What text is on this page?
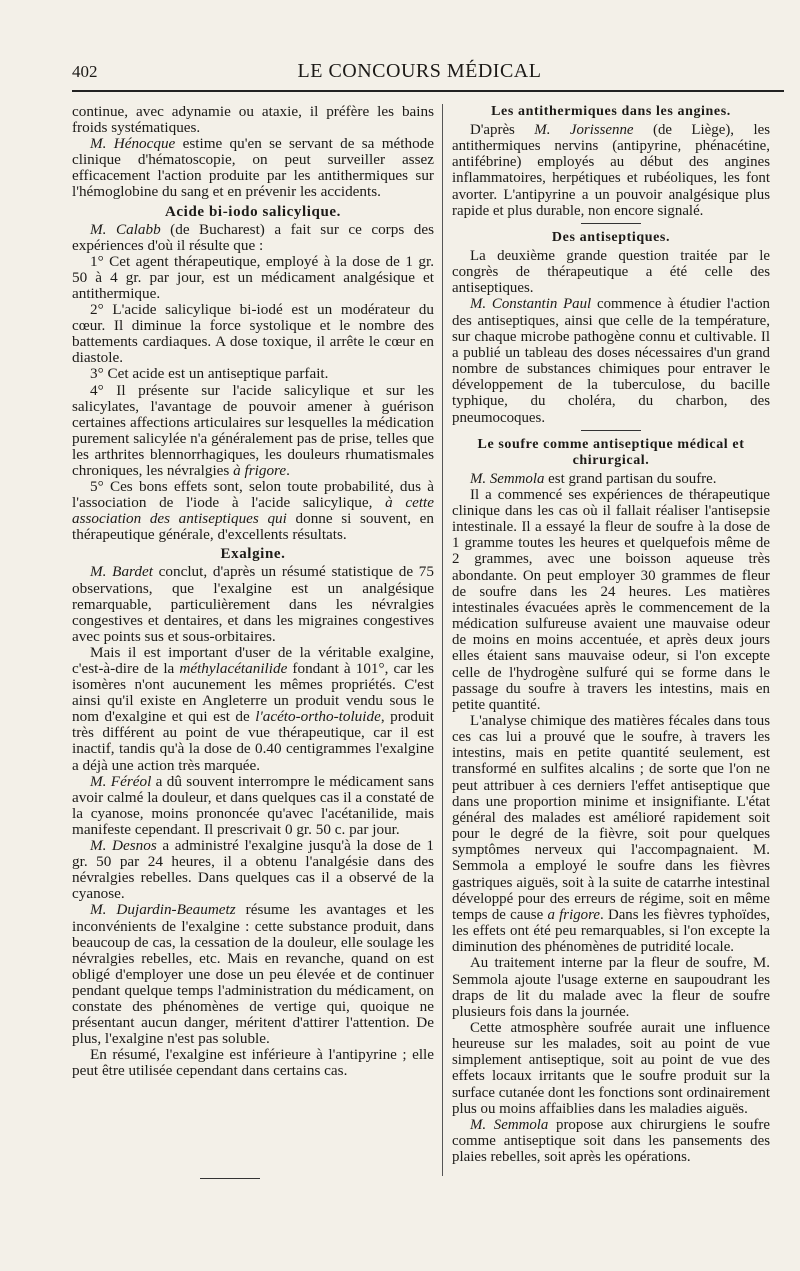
402	LE CONCOURS MÉDICAL

continue, avec adynamie ou ataxie, il préfère les bains froids systématiques.

M. Hénocque estime qu'en se servant de sa méthode clinique d'hématoscopie, on peut surveiller assez efficacement l'action produite par les antithermiques sur l'hémoglobine du sang et en prévenir les accidents.

Acide bi-iodo salicylique.

M. Calabb (de Bucharest) a fait sur ce corps des expériences d'où il résulte que :

1° Cet agent thérapeutique, employé à la dose de 1 gr. 50 à 4 gr. par jour, est un médicament analgésique et antithermique.

2° L'acide salicylique bi-iodé est un modérateur du cœur. Il diminue la force systolique et le nombre des battements cardiaques. A dose toxique, il arrête le cœur en diastole.

3° Cet acide est un antiseptique parfait.

4° Il présente sur l'acide salicylique et sur les salicylates, l'avantage de pouvoir amener à guérison certaines affections articulaires sur lesquelles la médication purement salicylée n'a généralement pas de prise, telles que les arthrites blennorrhagiques, les douleurs rhumatismales chroniques, les névralgies à frigore.

5° Ces bons effets sont, selon toute probabilité, dus à l'association de l'iode à l'acide salicylique, à cette association des antiseptiques qui donne si souvent, en thérapeutique générale, d'excellents résultats.

Exalgine.

M. Bardet conclut, d'après un résumé statistique de 75 observations, que l'exalgine est un analgésique remarquable, particulièrement dans les névralgies congestives et dentaires, et dans les migraines congestives avec points sus et sous-orbitaires.

Mais il est important d'user de la véritable exalgine, c'est-à-dire de la méthylacétanilide fondant à 101°, car les isomères n'ont aucunement les mêmes propriétés. C'est ainsi qu'il existe en Angleterre un produit vendu sous le nom d'exalgine et qui est de l'acéto-ortho-toluide, produit très différent au point de vue thérapeutique, car il est inactif, tandis qu'à la dose de 0.40 centigrammes l'exalgine a déjà une action très marquée.

M. Féréol a dû souvent interrompre le médicament sans avoir calmé la douleur, et dans quelques cas il a constaté de la cyanose, moins prononcée qu'avec l'acétanilide, mais manifeste cependant. Il prescrivait 0 gr. 50 c. par jour.

M. Desnos a administré l'exalgine jusqu'à la dose de 1 gr. 50 par 24 heures, il a obtenu l'analgésie dans des névralgies rebelles. Dans quelques cas il a observé de la cyanose.

M. Dujardin-Beaumetz résume les avantages et les inconvénients de l'exalgine : cette substance produit, dans beaucoup de cas, la cessation de la douleur, elle soulage les névralgies rebelles, etc. Mais en revanche, quand on est obligé d'employer une dose un peu élevée et de continuer pendant quelque temps l'administration du médicament, on constate des phénomènes de vertige qui, quoique ne présentant aucun danger, méritent d'attirer l'attention. De plus, l'exalgine n'est pas soluble.

En résumé, l'exalgine est inférieure à l'antipyrine ; elle peut être utilisée cependant dans certains cas.

Les antithermiques dans les angines.

D'après M. Jorissenne (de Liège), les antithermiques nervins (antipyrine, phénacétine, antifébrine) employés au début des angines inflammatoires, herpétiques et rubéoliques, les font avorter. L'antipyrine a un pouvoir analgésique plus rapide et plus durable, non encore signalé.

Des antiseptiques.

La deuxième grande question traitée par le congrès de thérapeutique a été celle des antiseptiques.

M. Constantin Paul commence à étudier l'action des antiseptiques, ainsi que celle de la température, sur chaque microbe pathogène connu et cultivable. Il a publié un tableau des doses nécessaires d'un grand nombre de substances chimiques pour entraver le développement de la tuberculose, du bacille typhique, du choléra, du charbon, des pneumocoques.

Le soufre comme antiseptique médical et chirurgical.

M. Semmola est grand partisan du soufre.

Il a commencé ses expériences de thérapeutique clinique dans les cas où il fallait réaliser l'antisepsie intestinale. Il a essayé la fleur de soufre à la dose de 1 gramme toutes les heures et quelquefois même de 2 grammes, avec une boisson aqueuse très abondante. On peut employer 30 grammes de fleur de soufre dans les 24 heures. Les matières intestinales évacuées après le commencement de la médication sulfureuse avaient une mauvaise odeur de moins en moins accentuée, et après deux jours elles étaient sans mauvaise odeur, si l'on excepte celle de l'hydrogène sulfuré qui se forme dans le passage du soufre à travers les intestins, mais en petite quantité.

L'analyse chimique des matières fécales dans tous ces cas lui a prouvé que le soufre, à travers les intestins, mais en petite quantité seulement, est transformé en sulfites alcalins ; de sorte que l'on ne peut attribuer à ces derniers l'effet antiseptique que dans une proportion minime et insignifiante. L'état général des malades est amélioré rapidement soit pour le degré de la fièvre, soit pour quelques symptômes nerveux qui l'accompagnaient. M. Semmola a employé le soufre dans les fièvres gastriques aiguës, soit à la suite de catarrhe intestinal développé pour des erreurs de régime, soit en même temps de cause a frigore. Dans les fièvres typhoïdes, les effets ont été peu remarquables, si l'on excepte la diminution des phénomènes de putridité locale.

Au traitement interne par la fleur de soufre, M. Semmola ajoute l'usage externe en saupoudrant les draps de lit du malade avec la fleur de soufre plusieurs fois dans la journée.

Cette atmosphère soufrée aurait une influence heureuse sur les malades, soit au point de vue simplement antiseptique, soit au point de vue des effets locaux irritants que le soufre produit sur la surface cutanée dont les fonctions sont ordinairement plus ou moins affaiblies dans les maladies aiguës.

M. Semmola propose aux chirurgiens le soufre comme antiseptique soit dans les pansements des plaies rebelles, soit après les opérations.
